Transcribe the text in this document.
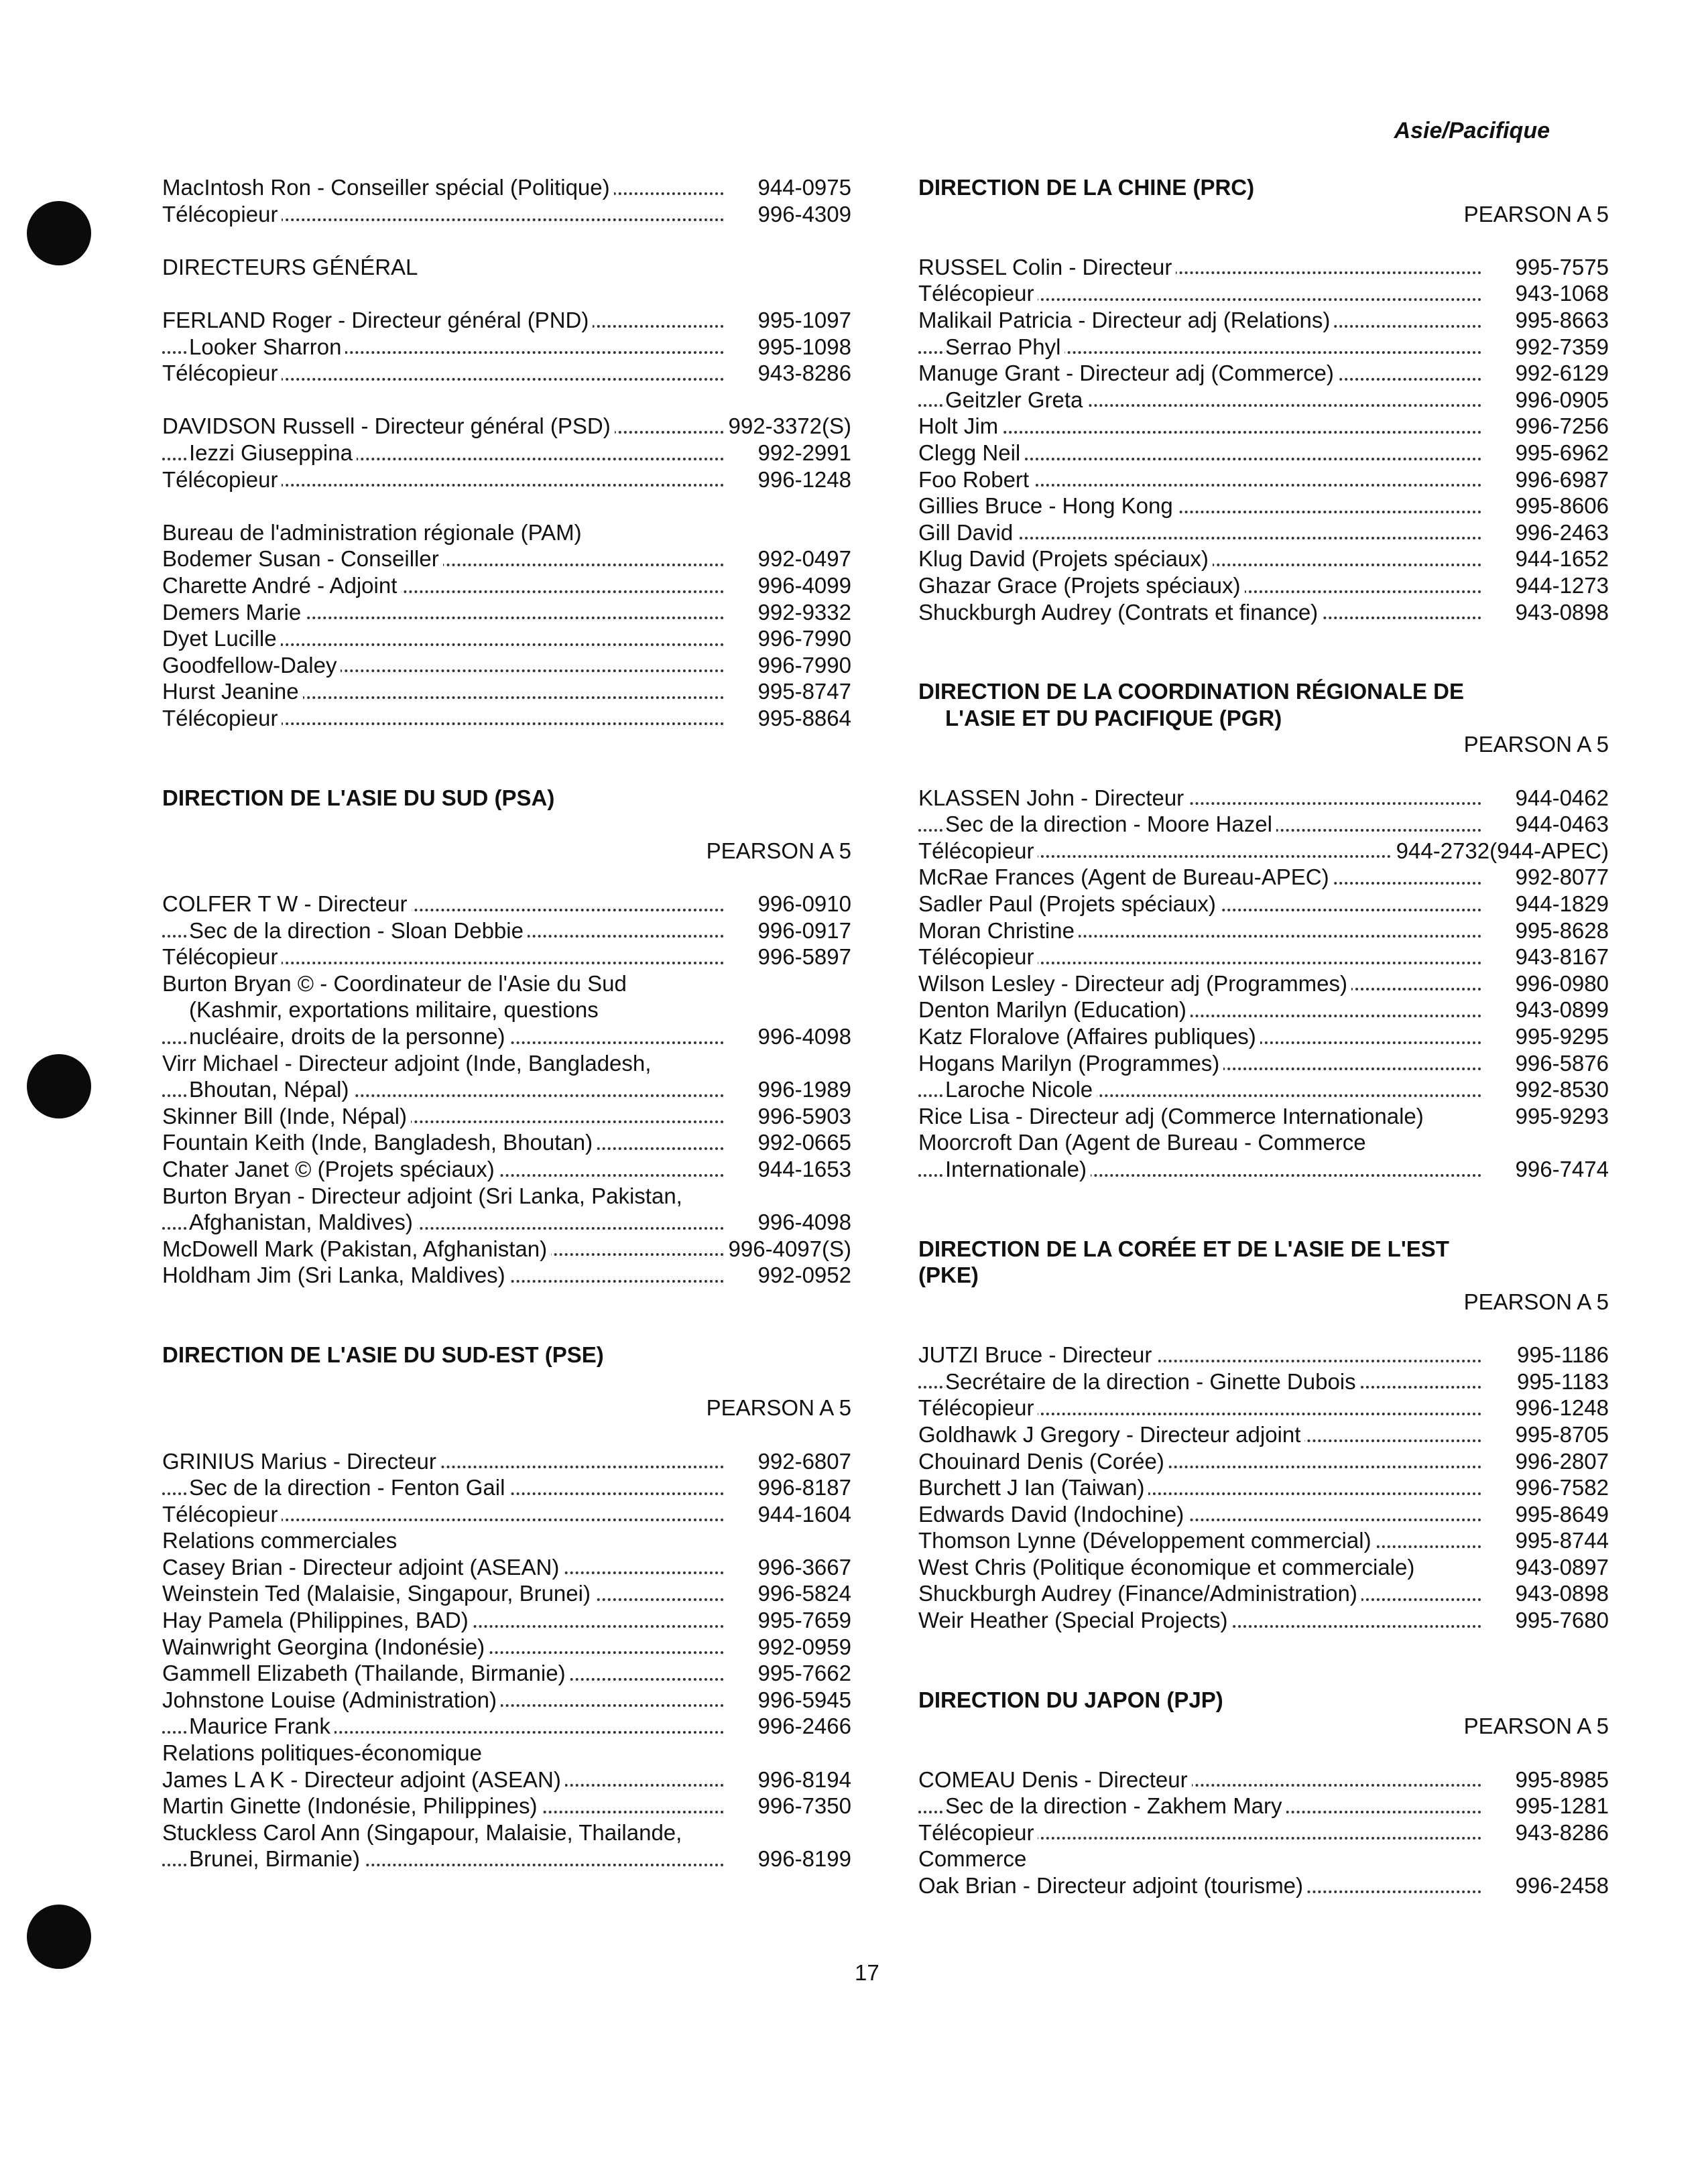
Asie/Pacifique
MacIntosh Ron - Conseiller spécial (Politique)	944-0975
Télécopieur	996-4309
DIRECTEURS GÉNÉRAL
FERLAND Roger - Directeur général (PND)	995-1097
Looker Sharron	995-1098
Télécopieur	943-8286
DAVIDSON Russell - Directeur général (PSD)	992-3372(S)
Iezzi Giuseppina	992-2991
Télécopieur	996-1248
Bureau de l'administration régionale (PAM)
Bodemer Susan - Conseiller	992-0497
Charette André - Adjoint	996-4099
Demers Marie	992-9332
Dyet Lucille	996-7990
Goodfellow-Daley	996-7990
Hurst Jeanine	995-8747
Télécopieur	995-8864
DIRECTION DE L'ASIE DU SUD (PSA)
PEARSON A 5
COLFER T W - Directeur	996-0910
Sec de la direction - Sloan Debbie	996-0917
Télécopieur	996-5897
Burton Bryan © - Coordinateur de l'Asie du Sud
(Kashmir, exportations militaire, questions
nucléaire, droits de la personne)	996-4098
Virr Michael - Directeur adjoint (Inde, Bangladesh,
Bhoutan, Népal)	996-1989
Skinner Bill (Inde, Népal)	996-5903
Fountain Keith (Inde, Bangladesh, Bhoutan)	992-0665
Chater Janet © (Projets spéciaux)	944-1653
Burton Bryan - Directeur adjoint (Sri Lanka, Pakistan,
Afghanistan, Maldives)	996-4098
McDowell Mark (Pakistan, Afghanistan)	996-4097(S)
Holdham Jim (Sri Lanka, Maldives)	992-0952
DIRECTION DE L'ASIE DU SUD-EST (PSE)
PEARSON A 5
GRINIUS Marius - Directeur	992-6807
Sec de la direction - Fenton Gail	996-8187
Télécopieur	944-1604
Relations commerciales
Casey Brian - Directeur adjoint (ASEAN)	996-3667
Weinstein Ted (Malaisie, Singapour, Brunei)	996-5824
Hay Pamela (Philippines, BAD)	995-7659
Wainwright Georgina (Indonésie)	992-0959
Gammell Elizabeth (Thailande, Birmanie)	995-7662
Johnstone Louise (Administration)	996-5945
Maurice Frank	996-2466
Relations politiques-économique
James L A K - Directeur adjoint (ASEAN)	996-8194
Martin Ginette (Indonésie, Philippines)	996-7350
Stuckless Carol Ann (Singapour, Malaisie, Thailande,
Brunei, Birmanie)	996-8199
DIRECTION DE LA CHINE (PRC)
PEARSON A 5
RUSSEL Colin - Directeur	995-7575
Télécopieur	943-1068
Malikail Patricia - Directeur adj (Relations)	995-8663
Serrao Phyl	992-7359
Manuge Grant - Directeur adj (Commerce)	992-6129
Geitzler Greta	996-0905
Holt Jim	996-7256
Clegg Neil	995-6962
Foo Robert	996-6987
Gillies Bruce - Hong Kong	995-8606
Gill David	996-2463
Klug David (Projets spéciaux)	944-1652
Ghazar Grace (Projets spéciaux)	944-1273
Shuckburgh Audrey (Contrats et finance)	943-0898
DIRECTION DE LA COORDINATION RÉGIONALE DE
L'ASIE ET DU PACIFIQUE (PGR)
PEARSON A 5
KLASSEN John - Directeur	944-0462
Sec de la direction - Moore Hazel	944-0463
Télécopieur	944-2732(944-APEC)
McRae Frances (Agent de Bureau-APEC)	992-8077
Sadler Paul (Projets spéciaux)	944-1829
Moran Christine	995-8628
Télécopieur	943-8167
Wilson Lesley - Directeur adj (Programmes)	996-0980
Denton Marilyn (Education)	943-0899
Katz Floralove (Affaires publiques)	995-9295
Hogans Marilyn (Programmes)	996-5876
Laroche Nicole	992-8530
Rice Lisa - Directeur adj (Commerce Internationale)	995-9293
Moorcroft Dan (Agent de Bureau - Commerce
Internationale)	996-7474
DIRECTION DE LA CORÉE ET DE L'ASIE DE L'EST
(PKE)
PEARSON A 5
JUTZI Bruce - Directeur	995-1186
Secrétaire de la direction - Ginette Dubois	995-1183
Télécopieur	996-1248
Goldhawk J Gregory - Directeur adjoint	995-8705
Chouinard Denis (Corée)	996-2807
Burchett J Ian (Taiwan)	996-7582
Edwards David (Indochine)	995-8649
Thomson Lynne (Développement commercial)	995-8744
West Chris (Politique économique et commerciale)	943-0897
Shuckburgh Audrey (Finance/Administration)	943-0898
Weir Heather (Special Projects)	995-7680
DIRECTION DU JAPON (PJP)
PEARSON A 5
COMEAU Denis - Directeur	995-8985
Sec de la direction - Zakhem Mary	995-1281
Télécopieur	943-8286
Commerce
Oak Brian - Directeur adjoint (tourisme)	996-2458
17
